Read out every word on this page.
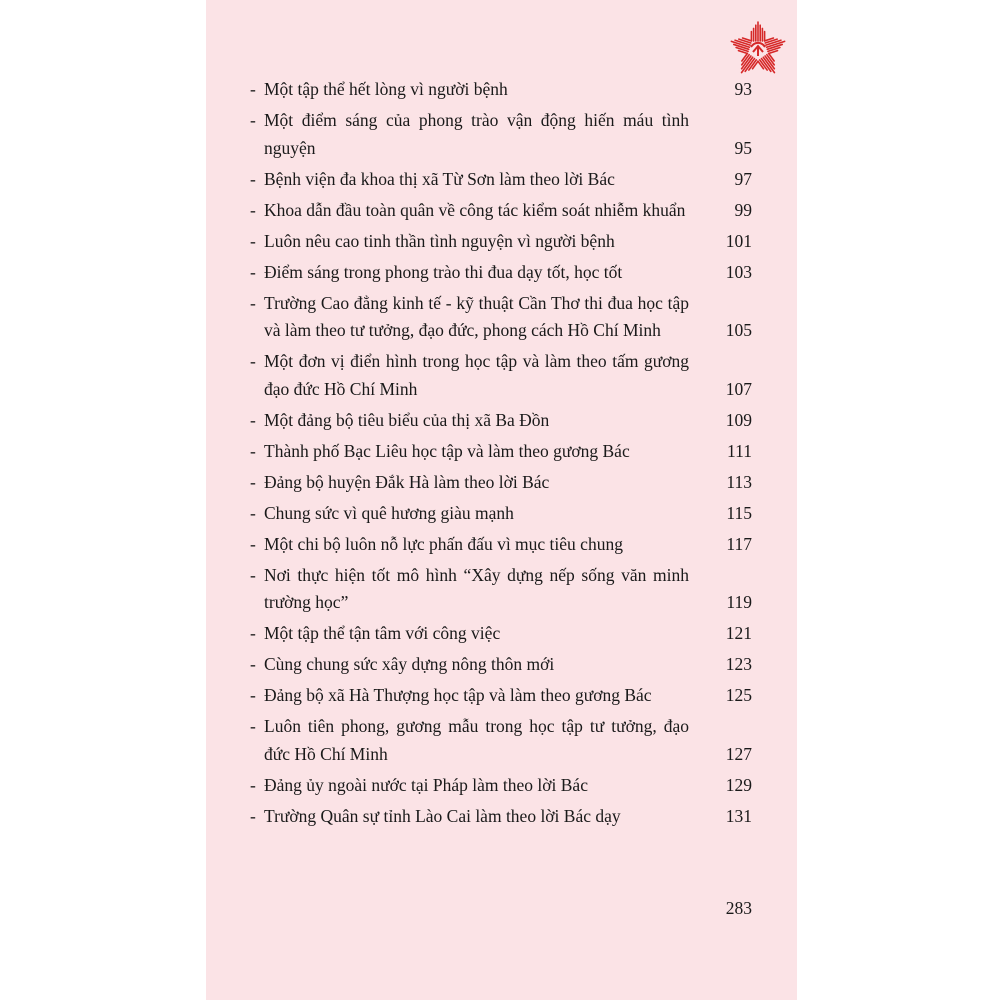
- Một tập thể hết lòng vì người bệnh	93
- Một điểm sáng của phong trào vận động hiến máu tình nguyện	95
- Bệnh viện đa khoa thị xã Từ Sơn làm theo lời Bác	97
- Khoa dẫn đầu toàn quân về công tác kiểm soát nhiễm khuẩn	99
- Luôn nêu cao tinh thần tình nguyện vì người bệnh	101
- Điểm sáng trong phong trào thi đua dạy tốt, học tốt	103
- Trường Cao đẳng kinh tế - kỹ thuật Cần Thơ thi đua học tập và làm theo tư tưởng, đạo đức, phong cách Hồ Chí Minh	105
- Một đơn vị điển hình trong học tập và làm theo tấm gương đạo đức Hồ Chí Minh	107
- Một đảng bộ tiêu biểu của thị xã Ba Đồn	109
- Thành phố Bạc Liêu học tập và làm theo gương Bác	111
- Đảng bộ huyện Đắk Hà làm theo lời Bác	113
- Chung sức vì quê hương giàu mạnh	115
- Một chi bộ luôn nỗ lực phấn đấu vì mục tiêu chung	117
- Nơi thực hiện tốt mô hình “Xây dựng nếp sống văn minh trường học”	119
- Một tập thể tận tâm với công việc	121
- Cùng chung sức xây dựng nông thôn mới	123
- Đảng bộ xã Hà Thượng học tập và làm theo gương Bác	125
- Luôn tiên phong, gương mẫu trong học tập tư tưởng, đạo đức Hồ Chí Minh	127
- Đảng ủy ngoài nước tại Pháp làm theo lời Bác	129
- Trường Quân sự tỉnh Lào Cai làm theo lời Bác dạy	131
283
